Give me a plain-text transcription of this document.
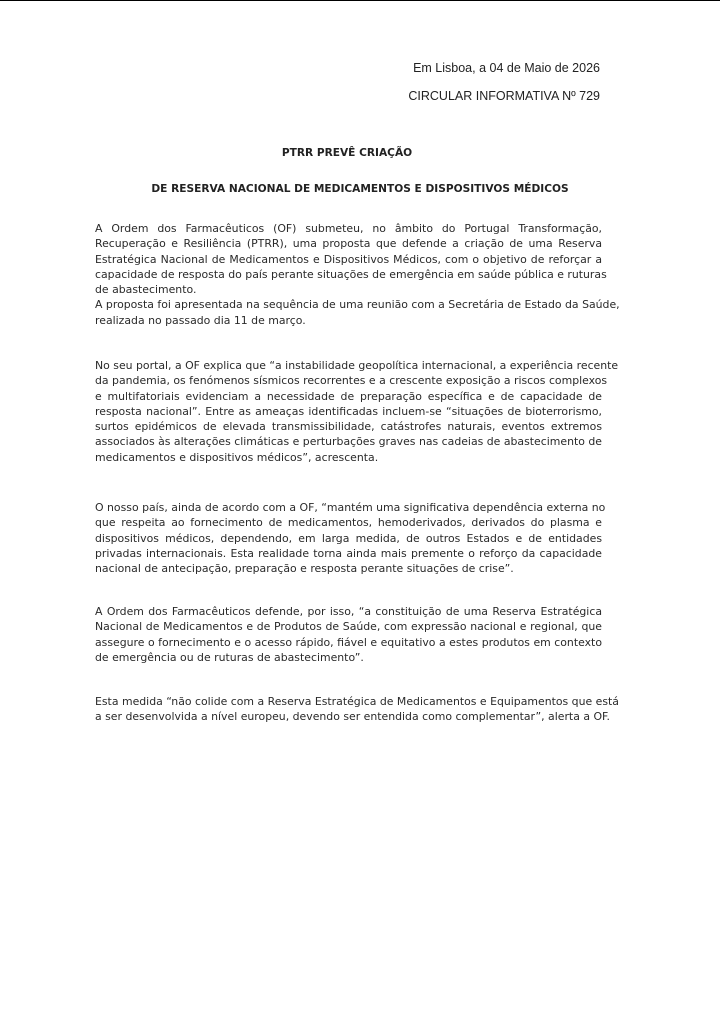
Em Lisboa, a 04 de Maio de 2026
CIRCULAR INFORMATIVA Nº 729
PTRR PREVÊ CRIAÇÃO
DE RESERVA NACIONAL DE MEDICAMENTOS E DISPOSITIVOS MÉDICOS
A Ordem dos Farmacêuticos (OF) submeteu, no âmbito do Portugal Transformação,
Recuperação e Resiliência (PTRR), uma proposta que defende a criação de uma Reserva
Estratégica Nacional de Medicamentos e Dispositivos Médicos, com o objetivo de reforçar a
capacidade de resposta do país perante situações de emergência em saúde pública e ruturas
de abastecimento.
A proposta foi apresentada na sequência de uma reunião com a Secretária de Estado da Saúde,
realizada no passado dia 11 de março.
No seu portal, a OF explica que “a instabilidade geopolítica internacional, a experiência recente
da pandemia, os fenómenos sísmicos recorrentes e a crescente exposição a riscos complexos
e multifatoriais evidenciam a necessidade de preparação específica e de capacidade de
resposta nacional”. Entre as ameaças identificadas incluem-se “situações de bioterrorismo,
surtos epidémicos de elevada transmissibilidade, catástrofes naturais, eventos extremos
associados às alterações climáticas e perturbações graves nas cadeias de abastecimento de
medicamentos e dispositivos médicos”, acrescenta.
O nosso país, ainda de acordo com a OF, “mantém uma significativa dependência externa no
que respeita ao fornecimento de medicamentos, hemoderivados, derivados do plasma e
dispositivos médicos, dependendo, em larga medida, de outros Estados e de entidades
privadas internacionais. Esta realidade torna ainda mais premente o reforço da capacidade
nacional de antecipação, preparação e resposta perante situações de crise”.
A Ordem dos Farmacêuticos defende, por isso, “a constituição de uma Reserva Estratégica
Nacional de Medicamentos e de Produtos de Saúde, com expressão nacional e regional, que
assegure o fornecimento e o acesso rápido, fiável e equitativo a estes produtos em contexto
de emergência ou de ruturas de abastecimento”.
Esta medida “não colide com a Reserva Estratégica de Medicamentos e Equipamentos que está
a ser desenvolvida a nível europeu, devendo ser entendida como complementar”, alerta a OF.
